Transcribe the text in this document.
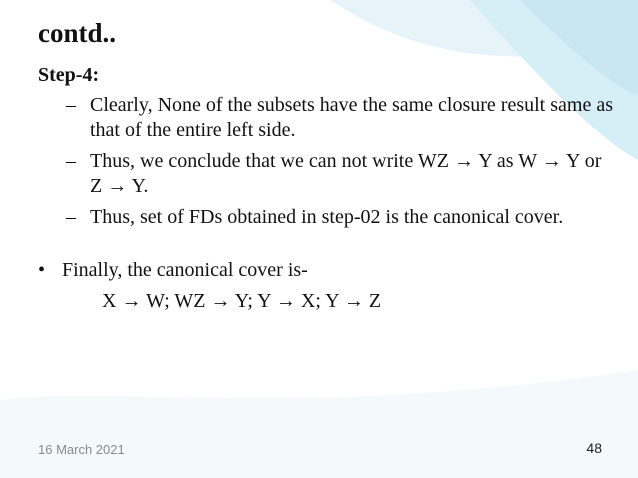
contd..
Step-4:
– Clearly, None of the subsets have the same closure result same as that of the entire left side.
– Thus, we conclude that we can not write WZ → Y as W → Y or Z → Y.
– Thus, set of FDs obtained in step-02 is the canonical cover.
• Finally, the canonical cover is-
X → W; WZ → Y; Y → X; Y → Z
16 March 2021	48
